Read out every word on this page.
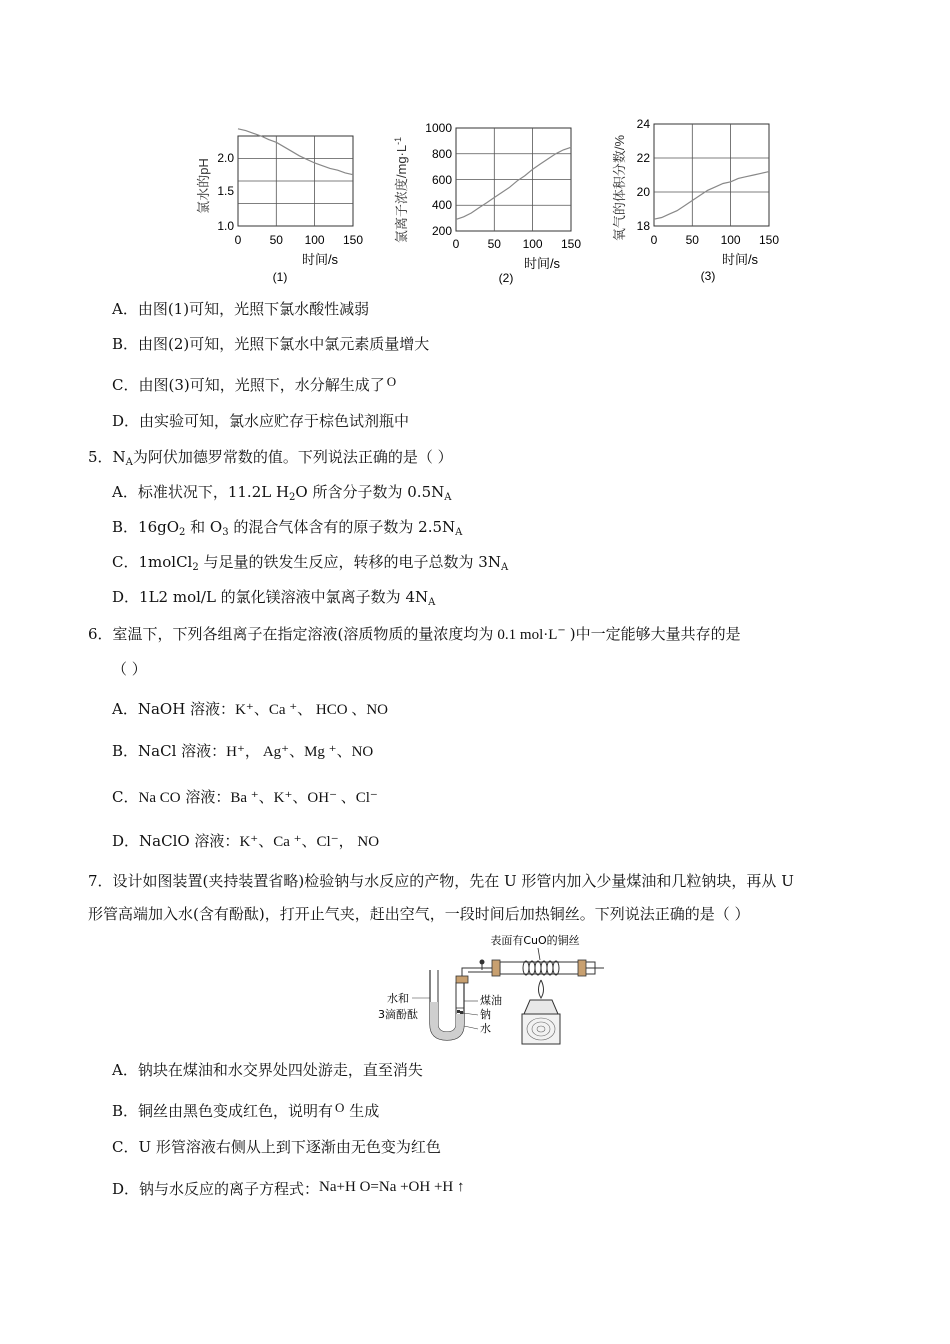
氯水的pH
2.0
1.5
1.0
0 50 100 150
时间/s
(1)
氯离子浓度$/mg\cdot L^{-1}$
1000
800
600
400
200
0 50 100 150
时间/s
(2)
氧气的体积分数/%
24
22
20
18
0 50 100 150
时间/s
(3)
A．由图(1)可知，光照下氯水酸性减弱
B．由图(2)可知，光照下氯水中氯元素质量增大
C．由图(3)可知，光照下，水分解生成了 O
D．由实验可知，氯水应贮存于棕色试剂瓶中
5．$N_A$为阿伏加德罗常数的值。下列说法正确的是（ ）
A．标准状况下，11.2L $H_2O$ 所含分子数为 $0.5N_A$
B．$16gO_2$ 和 $O_3$ 的混合气体含有的原子数为 $2.5N_A$
C．1molCl$_2$ 与足量的铁发生反应，转移的电子总数为 $3N_A$
D．1L2 mol/L 的氯化镁溶液中氯离子数为 $4N_A$
6．室温下，下列各组离子在指定溶液(溶质物质的量浓度均为 0.1 mol·L− )中一定能够大量共存的是
（ ）
A．NaOH 溶液：K⁺、Ca ⁺、 HCO 、NO
B．NaCl 溶液：H⁺， Ag⁺、Mg ⁺、NO
C．Na CO 溶液：Ba ⁺、K⁺、OH⁻ 、Cl⁻
D．NaClO 溶液：K⁺、Ca ⁺、Cl⁻， NO
7．设计如图装置(夹持装置省略)检验钠与水反应的产物，先在 U 形管内加入少量煤油和几粒钠块，再从 U
形管高端加入水(含有酚酞)，打开止气夹，赶出空气，一段时间后加热铜丝。下列说法正确的是（ ）
表面有CuO的铜丝
水和
3滴酚酞
煤油
钠
水
A．钠块在煤油和水交界处四处游走，直至消失
B．铜丝由黑色变成红色，说明有 O 生成
C．U 形管溶液右侧从上到下逐渐由无色变为红色
D．钠与水反应的离子方程式：Na+H O=Na +OH +H ↑
